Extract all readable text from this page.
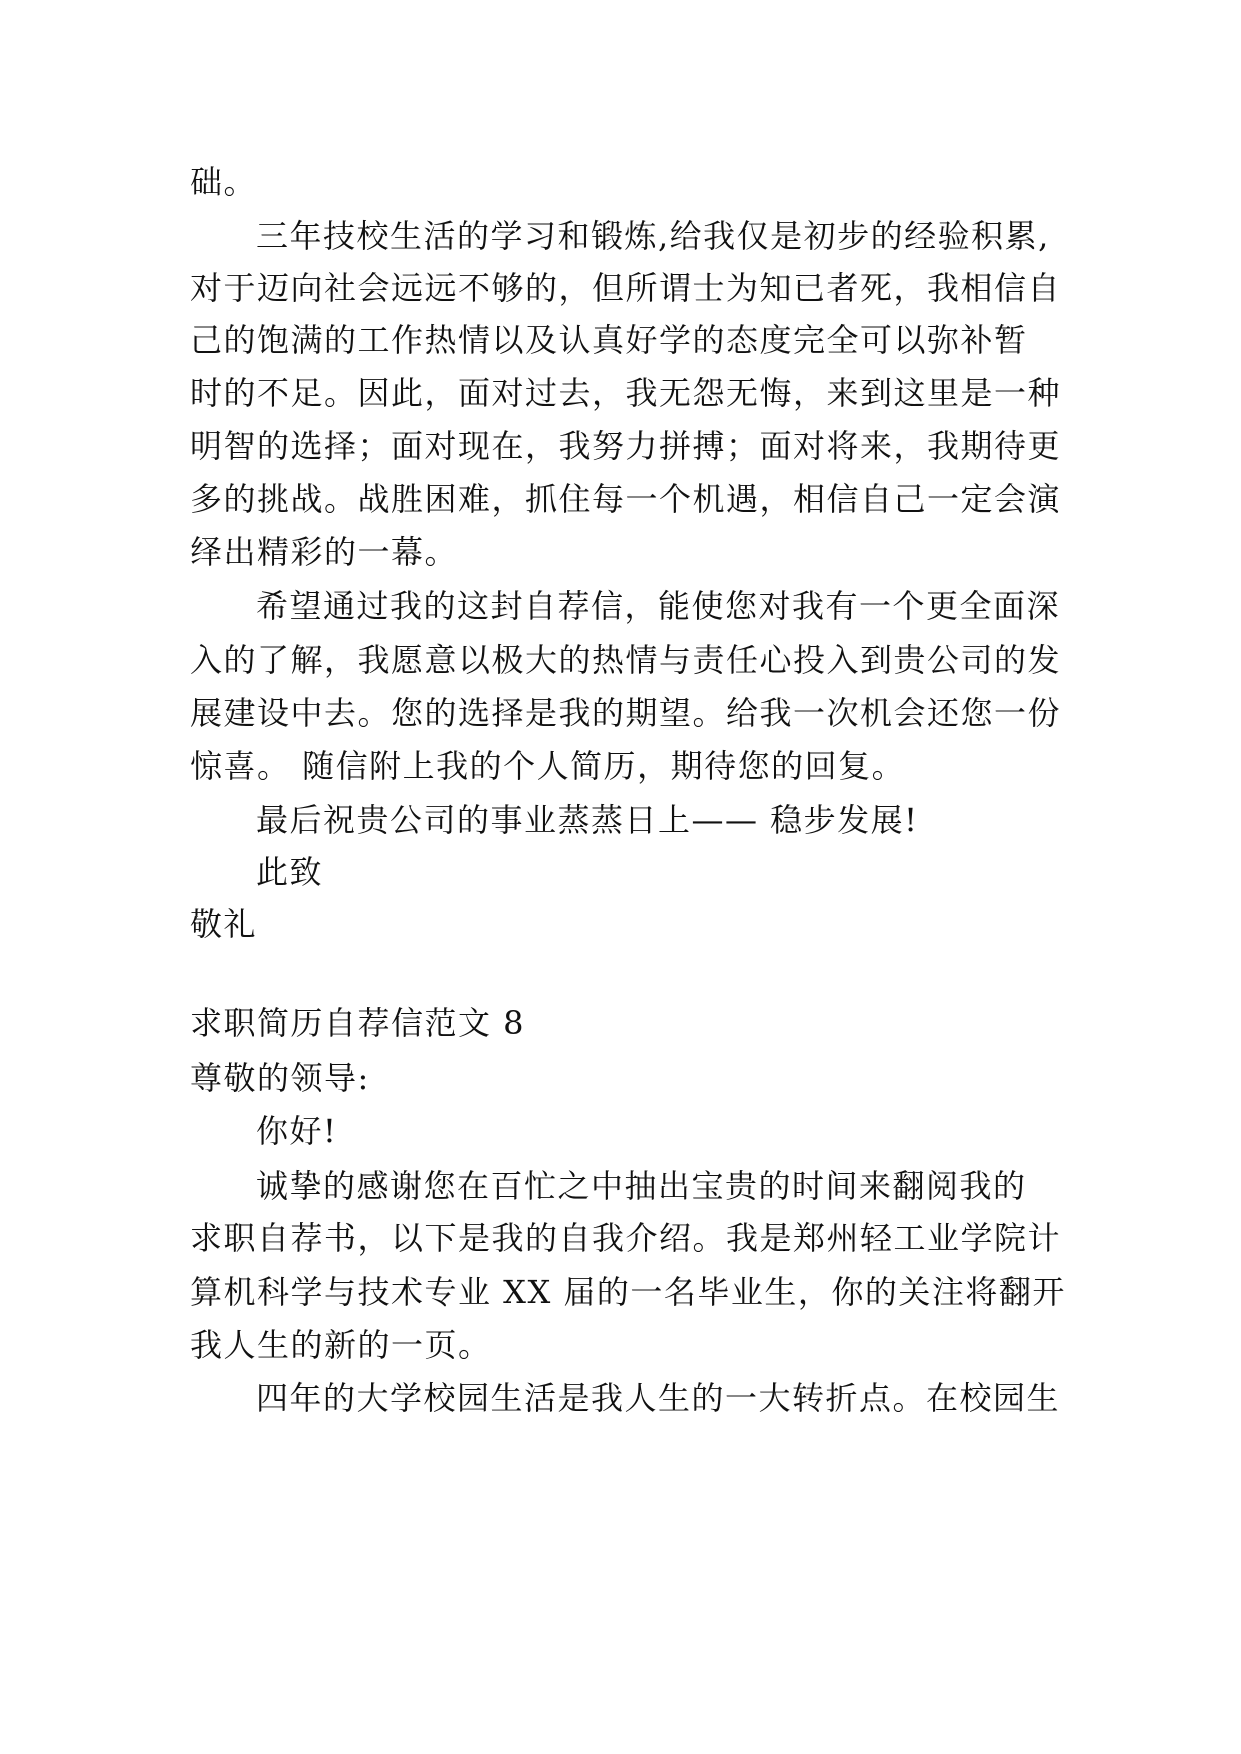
础。
三年技校生活的学习和锻炼,给我仅是初步的经验积累,
对于迈向社会远远不够的，但所谓士为知已者死，我相信自
己的饱满的工作热情以及认真好学的态度完全可以弥补暂
时的不足。因此，面对过去，我无怨无悔，来到这里是一种
明智的选择；面对现在，我努力拼搏；面对将来，我期待更
多的挑战。战胜困难，抓住每一个机遇，相信自己一定会演
绎出精彩的一幕。
希望通过我的这封自荐信，能使您对我有一个更全面深
入的了解，我愿意以极大的热情与责任心投入到贵公司的发
展建设中去。您的选择是我的期望。给我一次机会还您一份
惊喜。 随信附上我的个人简历，期待您的回复。
最后祝贵公司的事业蒸蒸日上—— 稳步发展!
此致
敬礼
求职简历自荐信范文 8
尊敬的领导:
你好!
诚挚的感谢您在百忙之中抽出宝贵的时间来翻阅我的
求职自荐书，以下是我的自我介绍。我是郑州轻工业学院计
算机科学与技术专业 XX 届的一名毕业生，你的关注将翻开
我人生的新的一页。
四年的大学校园生活是我人生的一大转折点。在校园生
